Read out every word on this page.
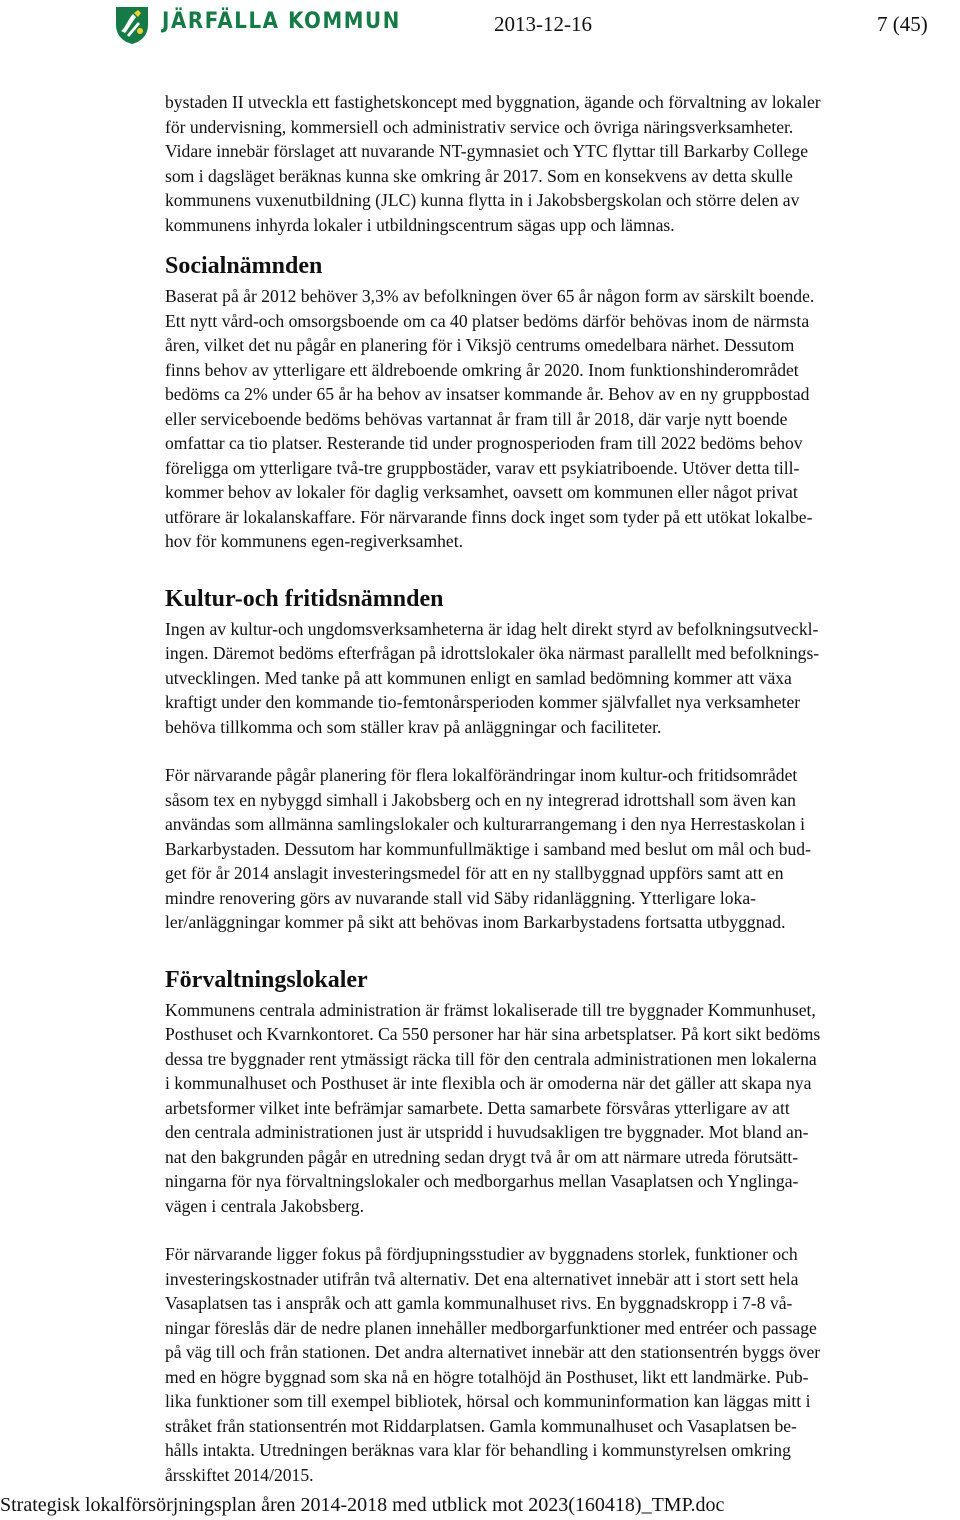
JÄRFÄLLA KOMMUN	2013-12-16	7 (45)
bystaden II utveckla ett fastighetskoncept med byggnation, ägande och förvaltning av lokaler
för undervisning, kommersiell och administrativ service och övriga näringsverksamheter.
Vidare innebär förslaget att nuvarande NT-gymnasiet och YTC flyttar till Barkarby College
som i dagsläget beräknas kunna ske omkring år 2017. Som en konsekvens av detta skulle
kommunens vuxenutbildning (JLC) kunna flytta in i Jakobsbergskolan och större delen av
kommunens inhyrda lokaler i utbildningscentrum sägas upp och lämnas.
Socialnämnden
Baserat på år 2012 behöver 3,3% av befolkningen över 65 år någon form av särskilt boende.
Ett nytt vård-och omsorgsboende om ca 40 platser bedöms därför behövas inom de närmsta
åren, vilket det nu pågår en planering för i Viksjö centrums omedelbara närhet. Dessutom
finns behov av ytterligare ett äldreboende omkring år 2020. Inom funktionshinderområdet
bedöms ca 2% under 65 år ha behov av insatser kommande år. Behov av en ny gruppbostad
eller serviceboende bedöms behövas vartannat år fram till år 2018, där varje nytt boende
omfattar ca tio platser. Resterande tid under prognosperioden fram till 2022 bedöms behov
föreligga om ytterligare två-tre gruppbostäder, varav ett psykiatriboende. Utöver detta till-
kommer behov av lokaler för daglig verksamhet, oavsett om kommunen eller något privat
utförare är lokalanskaffare. För närvarande finns dock inget som tyder på ett utökat lokalbe-
hov för kommunens egen-regiverksamhet.
Kultur-och fritidsnämnden
Ingen av kultur-och ungdomsverksamheterna är idag helt direkt styrd av befolkningsutveckl-
ingen. Däremot bedöms efterfrågan på idrottslokaler öka närmast parallellt med befolknings-
utvecklingen. Med tanke på att kommunen enligt en samlad bedömning kommer att växa
kraftigt under den kommande tio-femtonårsperioden kommer självfallet nya verksamheter
behöva tillkomma och som ställer krav på anläggningar och faciliteter.
För närvarande pågår planering för flera lokalförändringar inom kultur-och fritidsområdet
såsom tex en nybyggd simhall i Jakobsberg och en ny integrerad idrottshall som även kan
användas som allmänna samlingslokaler och kulturarrangemang i den nya Herrestaskolan i
Barkarbystaden. Dessutom har kommunfullmäktige i samband med beslut om mål och bud-
get för år 2014 anslagit investeringsmedel för att en ny stallbyggnad uppförs samt att en
mindre renovering görs av nuvarande stall vid Säby ridanläggning. Ytterligare loka-
ler/anläggningar kommer på sikt att behövas inom Barkarbystadens fortsatta utbyggnad.
Förvaltningslokaler
Kommunens centrala administration är främst lokaliserade till tre byggnader Kommunhuset,
Posthuset och Kvarnkontoret. Ca 550 personer har här sina arbetsplatser. På kort sikt bedöms
dessa tre byggnader rent ytmässigt räcka till för den centrala administrationen men lokalerna
i kommunalhuset och Posthuset är inte flexibla och är omoderna när det gäller att skapa nya
arbetsformer vilket inte befrämjar samarbete. Detta samarbete försvåras ytterligare av att
den centrala administrationen just är utspridd i huvudsakligen tre byggnader. Mot bland an-
nat den bakgrunden pågår en utredning sedan drygt två år om att närmare utreda förutsätt-
ningarna för nya förvaltningslokaler och medborgarhus mellan Vasaplatsen och Ynglinga-
vägen i centrala Jakobsberg.
För närvarande ligger fokus på fördjupningsstudier av byggnadens storlek, funktioner och
investeringskostnader utifrån två alternativ. Det ena alternativet innebär att i stort sett hela
Vasaplatsen tas i anspråk och att gamla kommunalhuset rivs. En byggnadskropp i 7-8 vå-
ningar föreslås där de nedre planen innehåller medborgarfunktioner med entréer och passage
på väg till och från stationen. Det andra alternativet innebär att den stationsentrén byggs över
med en högre byggnad som ska nå en högre totalhöjd än Posthuset, likt ett landmärke. Pub-
lika funktioner som till exempel bibliotek, hörsal och kommuninformation kan läggas mitt i
stråket från stationsentrén mot Riddarplatsen. Gamla kommunalhuset och Vasaplatsen be-
hålls intakta. Utredningen beräknas vara klar för behandling i kommunstyrelsen omkring
årsskiftet 2014/2015.
Strategisk lokalförsörjningsplan åren 2014-2018 med utblick mot 2023(160418)_TMP.doc
